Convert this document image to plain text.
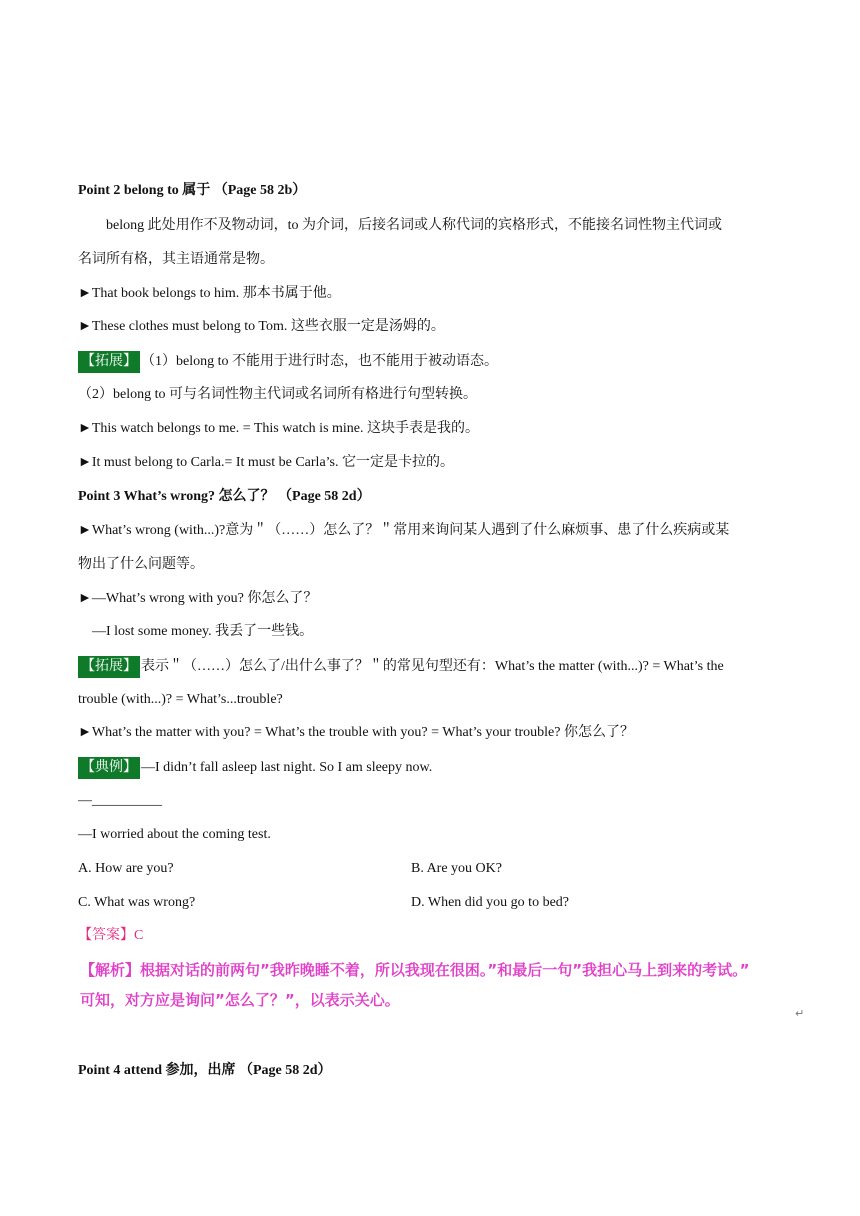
Point 2 belong to 属于 （Page 58 2b）
belong 此处用作不及物动词，to 为介词，后接名词或人称代词的宾格形式，不能接名词性物主代词或
名词所有格，其主语通常是物。
►That book belongs to him. 那本书属于他。
►These clothes must belong to Tom. 这些衣服一定是汤姆的。
【拓展】 （1）belong to 不能用于进行时态，也不能用于被动语态。
（2）belong to 可与名词性物主代词或名词所有格进行句型转换。
►This watch belongs to me. = This watch is mine. 这块手表是我的。
►It must belong to Carla.= It must be Carla’s. 它一定是卡拉的。
Point 3 What’s wrong? 怎么了？ （Page 58 2d）
►What’s wrong (with...)?意为＂（……）怎么了？＂常用来询问某人遇到了什么麻烦事、患了什么疾病或某
物出了什么问题等。
►—What’s wrong with you? 你怎么了？
—I lost some money. 我丢了一些钱。
【拓展】 表示＂（……）怎么了/出什么事了？＂的常见句型还有：What’s the matter (with...)? = What’s the
trouble (with...)? = What’s...trouble?
►What’s the matter with you? = What’s the trouble with you? = What’s your trouble? 你怎么了？
【典例】 —I didn’t fall asleep last night. So I am sleepy now.
—__________
—I worried about the coming test.
A. How are you?	B. Are you OK?
C. What was wrong?	D. When did you go to bed?
【答案】C
【解析】根据对话的前两句”我昨晚睡不着，所以我现在很困。”和最后一句”我担心马上到来的考试。”
可知，对方应是询问”怎么了？”，以表示关心。
↵
Point 4 attend 参加，出席 （Page 58 2d）
